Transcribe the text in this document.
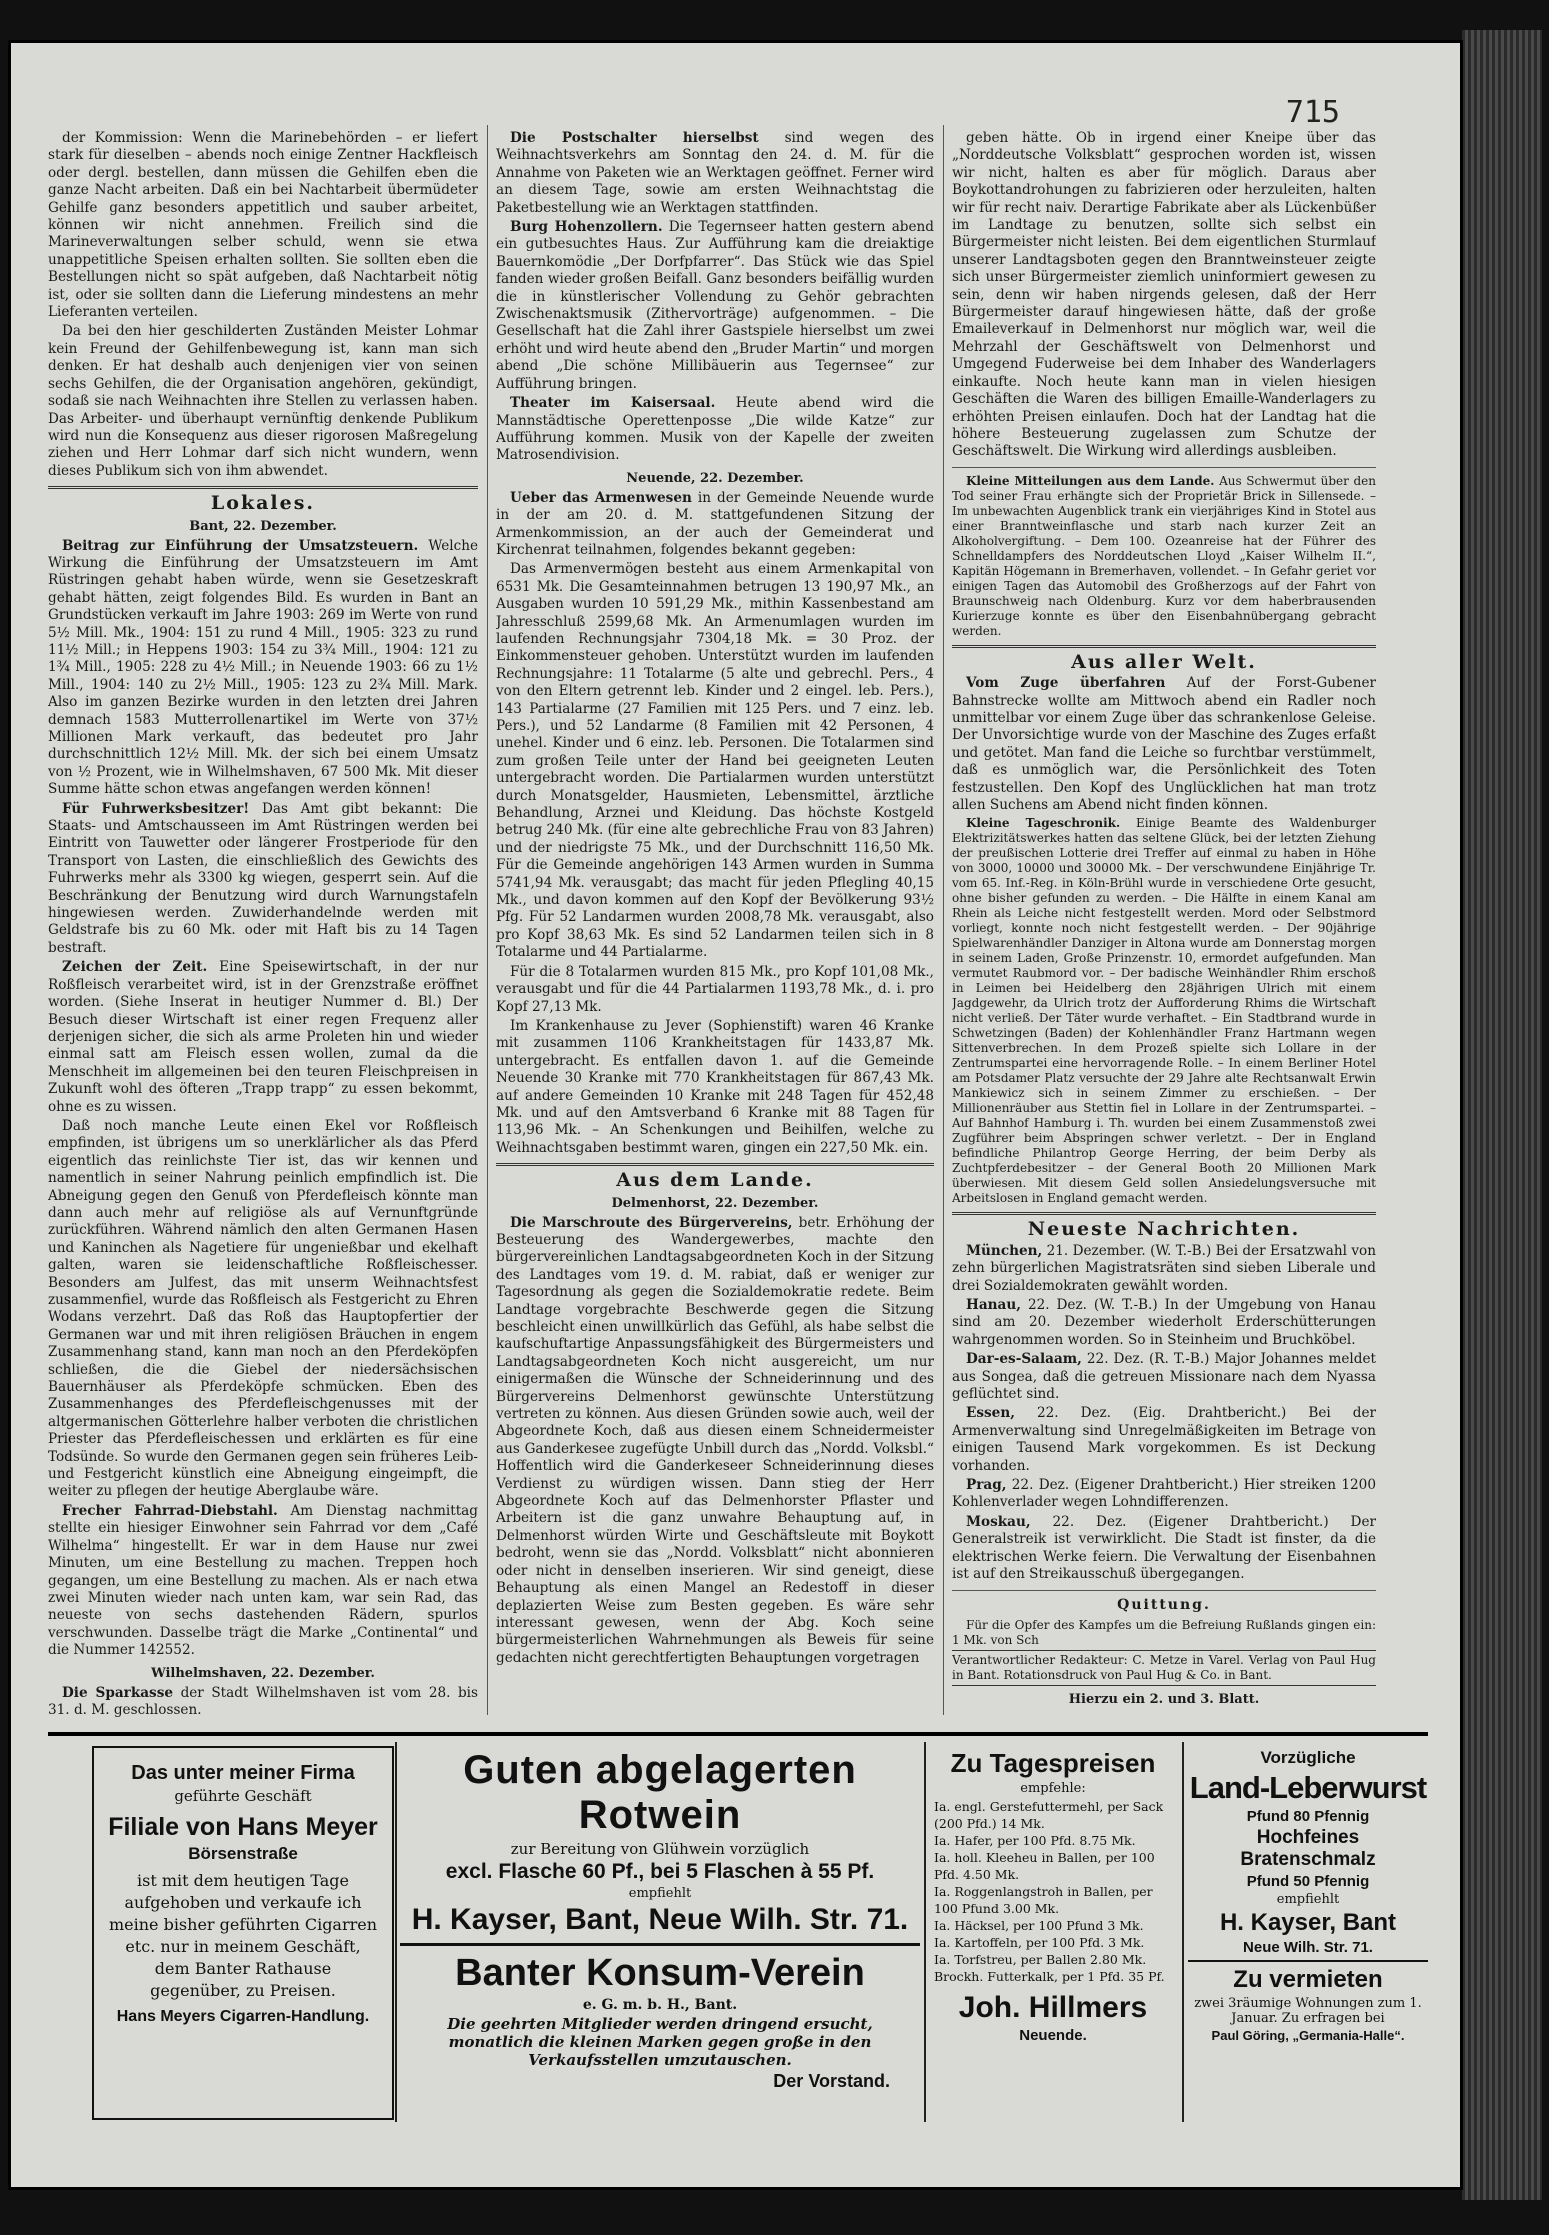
715

der Kommission: Wenn die Marinebehörden – er liefert stark für dieselben – abends noch einige Zentner Hackfleisch oder dergl. bestellen, dann müssen die Gehilfen eben die ganze Nacht arbeiten. Daß ein bei Nachtarbeit übermüdeter Gehilfe ganz besonders appetitlich und sauber arbeitet, können wir nicht annehmen. Freilich sind die Marineverwaltungen selber schuld, wenn sie etwa unappetitliche Speisen erhalten sollten. Sie sollten eben die Bestellungen nicht so spät aufgeben, daß Nachtarbeit nötig ist, oder sie sollten dann die Lieferung mindestens an mehr Lieferanten verteilen.

Da bei den hier geschilderten Zuständen Meister Lohmar kein Freund der Gehilfenbewegung ist, kann man sich denken. Er hat deshalb auch denjenigen vier von seinen sechs Gehilfen, die der Organisation angehören, gekündigt, sodaß sie nach Weihnachten ihre Stellen zu verlassen haben. Das Arbeiter- und überhaupt vernünftig denkende Publikum wird nun die Konsequenz aus dieser rigorosen Maßregelung ziehen und Herr Lohmar darf sich nicht wundern, wenn dieses Publikum sich von ihm abwendet.

Lokales.
Bant, 22. Dezember.

Beitrag zur Einführung der Umsatzsteuern. Welche Wirkung die Einführung der Umsatzsteuern im Amt Rüstringen gehabt haben würde, wenn sie Gesetzeskraft gehabt hätten, zeigt folgendes Bild. Es wurden in Bant an Grundstücken verkauft im Jahre 1903: 269 im Werte von rund 5½ Mill. Mk., 1904: 151 zu rund 4 Mill., 1905: 323 zu rund 11½ Mill.; in Heppens 1903: 154 zu 3¾ Mill., 1904: 121 zu 1¾ Mill., 1905: 228 zu 4½ Mill.; in Neuende 1903: 66 zu 1½ Mill., 1904: 140 zu 2½ Mill., 1905: 123 zu 2¾ Mill. Mark. Also im ganzen Bezirke wurden in den letzten drei Jahren demnach 1583 Mutterrollenartikel im Werte von 37½ Millionen Mark verkauft, das bedeutet pro Jahr durchschnittlich 12½ Mill. Mk. der sich bei einem Umsatz von ½ Prozent, wie in Wilhelmshaven, 67 500 Mk. Mit dieser Summe hätte schon etwas angefangen werden können!

Für Fuhrwerksbesitzer! Das Amt gibt bekannt: Die Staats- und Amtschausseen im Amt Rüstringen werden bei Eintritt von Tauwetter oder längerer Frostperiode für den Transport von Lasten, die einschließlich des Gewichts des Fuhrwerks mehr als 3300 kg wiegen, gesperrt sein. Auf die Beschränkung der Benutzung wird durch Warnungstafeln hingewiesen werden. Zuwiderhandelnde werden mit Geldstrafe bis zu 60 Mk. oder mit Haft bis zu 14 Tagen bestraft.

Zeichen der Zeit. Eine Speisewirtschaft, in der nur Roßfleisch verarbeitet wird, ist in der Grenzstraße eröffnet worden. (Siehe Inserat in heutiger Nummer d. Bl.) Der Besuch dieser Wirtschaft ist einer regen Frequenz aller derjenigen sicher, die sich als arme Proleten hin und wieder einmal satt am Fleisch essen wollen, zumal da die Menschheit im allgemeinen bei den teuren Fleischpreisen in Zukunft wohl des öfteren „Trapp trapp“ zu essen bekommt, ohne es zu wissen.

Daß noch manche Leute einen Ekel vor Roßfleisch empfinden, ist übrigens um so unerklärlicher als das Pferd eigentlich das reinlichste Tier ist, das wir kennen und namentlich in seiner Nahrung peinlich empfindlich ist. Die Abneigung gegen den Genuß von Pferdefleisch könnte man dann auch mehr auf religiöse als auf Vernunftgründe zurückführen. Während nämlich den alten Germanen Hasen und Kaninchen als Nagetiere für ungenießbar und ekelhaft galten, waren sie leidenschaftliche Roßfleischesser. Besonders am Julfest, das mit unserm Weihnachtsfest zusammenfiel, wurde das Roßfleisch als Festgericht zu Ehren Wodans verzehrt. Daß das Roß das Hauptopfertier der Germanen war und mit ihren religiösen Bräuchen in engem Zusammenhang stand, kann man noch an den Pferdeköpfen schließen, die die Giebel der niedersächsischen Bauernhäuser als Pferdeköpfe schmücken. Eben des Zusammenhanges des Pferdefleischgenusses mit der altgermanischen Götterlehre halber verboten die christlichen Priester das Pferdefleischessen und erklärten es für eine Todsünde. So wurde den Germanen gegen sein früheres Leib- und Festgericht künstlich eine Abneigung eingeimpft, die weiter zu pflegen der heutige Aberglaube wäre.

Frecher Fahrrad-Diebstahl. Am Dienstag nachmittag stellte ein hiesiger Einwohner sein Fahrrad vor dem „Café Wilhelma“ hingestellt. Er war in dem Hause nur zwei Minuten, um eine Bestellung zu machen. Treppen hoch gegangen, um eine Bestellung zu machen. Als er nach etwa zwei Minuten wieder nach unten kam, war sein Rad, das neueste von sechs dastehenden Rädern, spurlos verschwunden. Dasselbe trägt die Marke „Continental“ und die Nummer 142552.

Wilhelmshaven, 22. Dezember.

Die Sparkasse der Stadt Wilhelmshaven ist vom 28. bis 31. d. M. geschlossen.

Die Postschalter hierselbst sind wegen des Weihnachtsverkehrs am Sonntag den 24. d. M. für die Annahme von Paketen wie an Werktagen geöffnet. Ferner wird an diesem Tage, sowie am ersten Weihnachtstag die Paketbestellung wie an Werktagen stattfinden.

Burg Hohenzollern. Die Tegernseer hatten gestern abend ein gutbesuchtes Haus. Zur Aufführung kam die dreiaktige Bauernkomödie „Der Dorfpfarrer“. Das Stück wie das Spiel fanden wieder großen Beifall. Ganz besonders beifällig wurden die in künstlerischer Vollendung zu Gehör gebrachten Zwischenaktsmusik (Zithervorträge) aufgenommen. – Die Gesellschaft hat die Zahl ihrer Gastspiele hierselbst um zwei erhöht und wird heute abend den „Bruder Martin“ und morgen abend „Die schöne Millibäuerin aus Tegernsee“ zur Aufführung bringen.

Theater im Kaisersaal. Heute abend wird die Mannstädtische Operettenposse „Die wilde Katze“ zur Aufführung kommen. Musik von der Kapelle der zweiten Matrosendivision.

Neuende, 22. Dezember.

Ueber das Armenwesen in der Gemeinde Neuende wurde in der am 20. d. M. stattgefundenen Sitzung der Armenkommission, an der auch der Gemeinderat und Kirchenrat teilnahmen, folgendes bekannt gegeben:

Das Armenvermögen besteht aus einem Armenkapital von 6531 Mk. Die Gesamteinnahmen betrugen 13 190,97 Mk., an Ausgaben wurden 10 591,29 Mk., mithin Kassenbestand am Jahresschluß 2599,68 Mk. An Armenumlagen wurden im laufenden Rechnungsjahr 7304,18 Mk. = 30 Proz. der Einkommensteuer gehoben. Unterstützt wurden im laufenden Rechnungsjahre: 11 Totalarme (5 alte und gebrechl. Pers., 4 von den Eltern getrennt leb. Kinder und 2 eingel. leb. Pers.), 143 Partialarme (27 Familien mit 125 Pers. und 7 einz. leb. Pers.), und 52 Landarme (8 Familien mit 42 Personen, 4 unehel. Kinder und 6 einz. leb. Personen. Die Totalarmen sind zum großen Teile unter der Hand bei geeigneten Leuten untergebracht worden. Die Partialarmen wurden unterstützt durch Monatsgelder, Hausmieten, Lebensmittel, ärztliche Behandlung, Arznei und Kleidung. Das höchste Kostgeld betrug 240 Mk. (für eine alte gebrechliche Frau von 83 Jahren) und der niedrigste 75 Mk., und der Durchschnitt 116,50 Mk. Für die Gemeinde angehörigen 143 Armen wurden in Summa 5741,94 Mk. verausgabt; das macht für jeden Pflegling 40,15 Mk., und davon kommen auf den Kopf der Bevölkerung 93½ Pfg. Für 52 Landarmen wurden 2008,78 Mk. verausgabt, also pro Kopf 38,63 Mk. Es sind 52 Landarmen teilen sich in 8 Totalarme und 44 Partialarme.

Für die 8 Totalarmen wurden 815 Mk., pro Kopf 101,08 Mk., verausgabt und für die 44 Partialarmen 1193,78 Mk., d. i. pro Kopf 27,13 Mk.

Im Krankenhause zu Jever (Sophienstift) waren 46 Kranke mit zusammen 1106 Krankheitstagen für 1433,87 Mk. untergebracht. Es entfallen davon 1. auf die Gemeinde Neuende 30 Kranke mit 770 Krankheitstagen für 867,43 Mk. auf andere Gemeinden 10 Kranke mit 248 Tagen für 452,48 Mk. und auf den Amtsverband 6 Kranke mit 88 Tagen für 113,96 Mk. – An Schenkungen und Beihilfen, welche zu Weihnachtsgaben bestimmt waren, gingen ein 227,50 Mk. ein.

Aus dem Lande.
Delmenhorst, 22. Dezember.

Die Marschroute des Bürgervereins, betr. Erhöhung der Besteuerung des Wandergewerbes, machte den bürgervereinlichen Landtagsabgeordneten Koch in der Sitzung des Landtages vom 19. d. M. rabiat, daß er weniger zur Tagesordnung als gegen die Sozialdemokratie redete. Beim Landtage vorgebrachte Beschwerde gegen die Sitzung beschleicht einen unwillkürlich das Gefühl, als habe selbst die kaufschuftartige Anpassungsfähigkeit des Bürgermeisters und Landtagsabgeordneten Koch nicht ausgereicht, um nur einigermaßen die Wünsche der Schneiderinnung und des Bürgervereins Delmenhorst gewünschte Unterstützung vertreten zu können. Aus diesen Gründen sowie auch, weil der Abgeordnete Koch, daß aus diesen einem Schneidermeister aus Ganderkesee zugefügte Unbill durch das „Nordd. Volksbl.“ Hoffentlich wird die Ganderkeseer Schneiderinnung dieses Verdienst zu würdigen wissen. Dann stieg der Herr Abgeordnete Koch auf das Delmenhorster Pflaster und Arbeitern ist die ganz unwahre Behauptung auf, in Delmenhorst würden Wirte und Geschäftsleute mit Boykott bedroht, wenn sie das „Nordd. Volksblatt“ nicht abonnieren oder nicht in denselben inserieren. Wir sind geneigt, diese Behauptung als einen Mangel an Redestoff in dieser deplazierten Weise zum Besten gegeben. Es wäre sehr interessant gewesen, wenn der Abg. Koch seine bürgermeisterlichen Wahrnehmungen als Beweis für seine gedachten nicht gerechtfertigten Behauptungen vorgetragen

geben hätte. Ob in irgend einer Kneipe über das „Norddeutsche Volksblatt“ gesprochen worden ist, wissen wir nicht, halten es aber für möglich. Daraus aber Boykottandrohungen zu fabrizieren oder herzuleiten, halten wir für recht naiv. Derartige Fabrikate aber als Lückenbüßer im Landtage zu benutzen, sollte sich selbst ein Bürgermeister nicht leisten. Bei dem eigentlichen Sturmlauf unserer Landtagsboten gegen den Branntweinsteuer zeigte sich unser Bürgermeister ziemlich uninformiert gewesen zu sein, denn wir haben nirgends gelesen, daß der Herr Bürgermeister darauf hingewiesen hätte, daß der große Emaileverkauf in Delmenhorst nur möglich war, weil die Mehrzahl der Geschäftswelt von Delmenhorst und Umgegend Fuderweise bei dem Inhaber des Wanderlagers einkaufte. Noch heute kann man in vielen hiesigen Geschäften die Waren des billigen Emaille-Wanderlagers zu erhöhten Preisen einlaufen. Doch hat der Landtag hat die höhere Besteuerung zugelassen zum Schutze der Geschäftswelt. Die Wirkung wird allerdings ausbleiben.

Kleine Mitteilungen aus dem Lande. Aus Schwermut über den Tod seiner Frau erhängte sich der Proprietär Brick in Sillensede. – Im unbewachten Augenblick trank ein vierjähriges Kind in Stotel aus einer Branntweinflasche und starb nach kurzer Zeit an Alkoholvergiftung. – Dem 100. Ozeanreise hat der Führer des Schnelldampfers des Norddeutschen Lloyd „Kaiser Wilhelm II.“, Kapitän Högemann in Bremerhaven, vollendet. – In Gefahr geriet vor einigen Tagen das Automobil des Großherzogs auf der Fahrt von Braunschweig nach Oldenburg. Kurz vor dem haberbrausenden Kurierzuge konnte es über den Eisenbahnübergang gebracht werden.

Aus aller Welt.

Vom Zuge überfahren Auf der Forst-Gubener Bahnstrecke wollte am Mittwoch abend ein Radler noch unmittelbar vor einem Zuge über das schrankenlose Geleise. Der Unvorsichtige wurde von der Maschine des Zuges erfaßt und getötet. Man fand die Leiche so furchtbar verstümmelt, daß es unmöglich war, die Persönlichkeit des Toten festzustellen. Den Kopf des Unglücklichen hat man trotz allen Suchens am Abend nicht finden können.

Kleine Tageschronik. Einige Beamte des Waldenburger Elektrizitätswerkes hatten das seltene Glück, bei der letzten Ziehung der preußischen Lotterie drei Treffer auf einmal zu haben in Höhe von 3000, 10000 und 30000 Mk. – Der verschwundene Einjährige Tr. vom 65. Inf.-Reg. in Köln-Brühl wurde in verschiedene Orte gesucht, ohne bisher gefunden zu werden. – Die Hälfte in einem Kanal am Rhein als Leiche nicht festgestellt werden. Mord oder Selbstmord vorliegt, konnte noch nicht festgestellt werden. – Der 90jährige Spielwarenhändler Danziger in Altona wurde am Donnerstag morgen in seinem Laden, Große Prinzenstr. 10, ermordet aufgefunden. Man vermutet Raubmord vor. – Der badische Weinhändler Rhim erschoß in Leimen bei Heidelberg den 28jährigen Ulrich mit einem Jagdgewehr, da Ulrich trotz der Aufforderung Rhims die Wirtschaft nicht verließ. Der Täter wurde verhaftet. – Ein Stadtbrand wurde in Schwetzingen (Baden) der Kohlenhändler Franz Hartmann wegen Sittenverbrechen. In dem Prozeß spielte sich Lollare in der Zentrumspartei eine hervorragende Rolle. – In einem Berliner Hotel am Potsdamer Platz versuchte der 29 Jahre alte Rechtsanwalt Erwin Mankiewicz sich in seinem Zimmer zu erschießen. – Der Millionenräuber aus Stettin fiel in Lollare in der Zentrumspartei. – Auf Bahnhof Hamburg i. Th. wurden bei einem Zusammenstoß zwei Zugführer beim Abspringen schwer verletzt. – Der in England befindliche Philantrop George Herring, der beim Derby als Zuchtpferdebesitzer – der General Booth 20 Millionen Mark überwiesen. Mit diesem Geld sollen Ansiedelungsversuche mit Arbeitslosen in England gemacht werden.

Neueste Nachrichten.

München, 21. Dezember. (W. T.-B.) Bei der Ersatzwahl von zehn bürgerlichen Magistratsräten sind sieben Liberale und drei Sozialdemokraten gewählt worden.

Hanau, 22. Dez. (W. T.-B.) In der Umgebung von Hanau sind am 20. Dezember wiederholt Erderschütterungen wahrgenommen worden. So in Steinheim und Bruchköbel.

Dar-es-Salaam, 22. Dez. (R. T.-B.) Major Johannes meldet aus Songea, daß die getreuen Missionare nach dem Nyassa geflüchtet sind.

Essen, 22. Dez. (Eig. Drahtbericht.) Bei der Armenverwaltung sind Unregelmäßigkeiten im Betrage von einigen Tausend Mark vorgekommen. Es ist Deckung vorhanden.

Prag, 22. Dez. (Eigener Drahtbericht.) Hier streiken 1200 Kohlenverlader wegen Lohndifferenzen.

Moskau, 22. Dez. (Eigener Drahtbericht.) Der Generalstreik ist verwirklicht. Die Stadt ist finster, da die elektrischen Werke feiern. Die Verwaltung der Eisenbahnen ist auf den Streikausschuß übergegangen.

Quittung.

Für die Opfer des Kampfes um die Befreiung Rußlands gingen ein: 1 Mk. von Sch

Verantwortlicher Redakteur: C. Metze in Varel. Verlag von Paul Hug in Bant. Rotationsdruck von Paul Hug & Co. in Bant.

Hierzu ein 2. und 3. Blatt.
Das unter meiner Firma
geführte Geschäft
Filiale von Hans Meyer
Börsenstraße
ist mit dem heutigen Tage aufgehoben und verkaufe ich meine bisher geführten Cigarren etc. nur in meinem Geschäft, dem Banter Rathause gegenüber, zu Preisen.
Hans Meyers Cigarren-Handlung.
Guten abgelagerten Rotwein
zur Bereitung von Glühwein vorzüglich
excl. Flasche 60 Pf., bei 5 Flaschen à 55 Pf.
empfiehlt
H. Kayser, Bant, Neue Wilh. Str. 71.
Banter Konsum-Verein
e. G. m. b. H., Bant.
Die geehrten Mitglieder werden dringend ersucht, monatlich die kleinen Marken gegen große in den Verkaufsstellen umzutauschen.
Der Vorstand.
Zu Tagespreisen
empfehle:
Ia. engl. Gerstefuttermehl, per Sack (200 Pfd.) 14 Mk.
Ia. Hafer, per 100 Pfd. 8.75 Mk.
Ia. holl. Kleeheu in Ballen, per 100 Pfd. 4.50 Mk.
Ia. Roggenlangstroh in Ballen, per 100 Pfund 3.00 Mk.
Ia. Häcksel, per 100 Pfund 3 Mk.
Ia. Kartoffeln, per 100 Pfd. 3 Mk.
Ia. Torfstreu, per Ballen 2.80 Mk.
Brockh. Futterkalk, per 1 Pfd. 35 Pf.
Joh. Hillmers
Neuende.
Vorzügliche
Land-Leberwurst
Pfund 80 Pfennig
Hochfeines Bratenschmalz
Pfund 50 Pfennig
empfiehlt
H. Kayser, Bant
Neue Wilh. Str. 71.
Zu vermieten
zwei 3räumige Wohnungen zum 1. Januar. Zu erfragen bei
Paul Göring, „Germania-Halle“.
